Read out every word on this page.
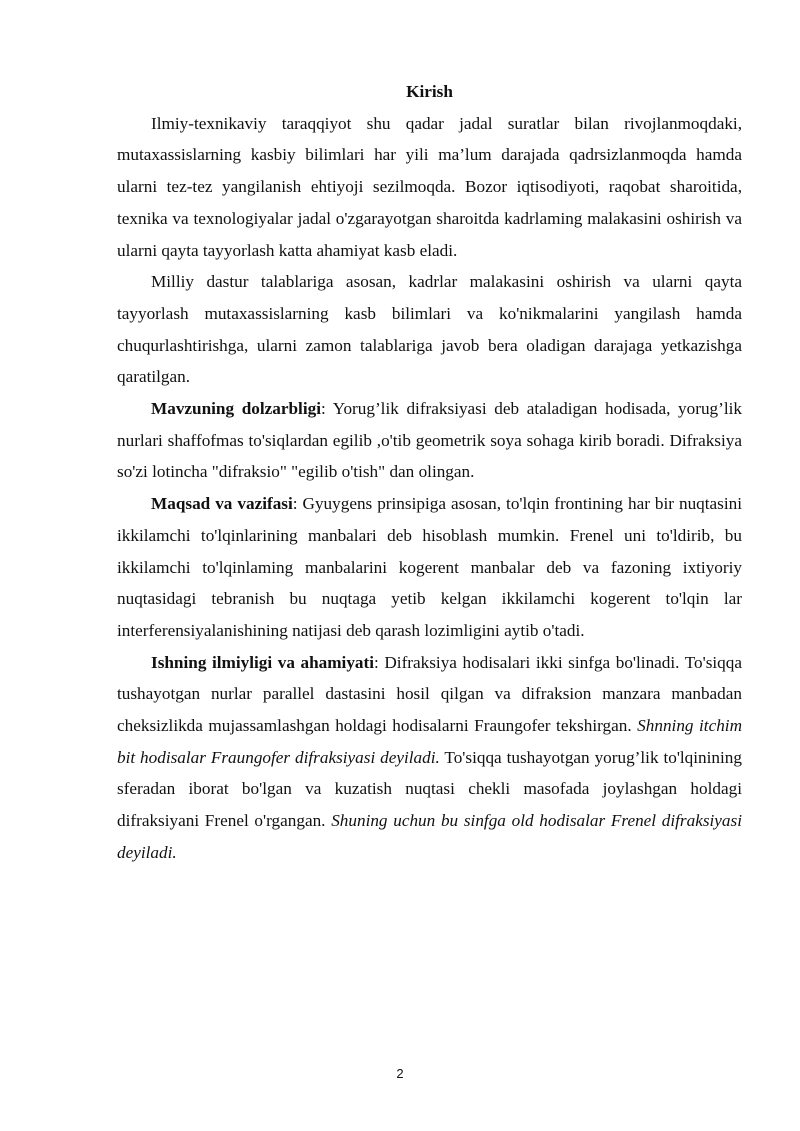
Kirish

Ilmiy-texnikaviy taraqqiyot shu qadar jadal suratlar bilan rivojlanmoqdaki, mutaxassislarning kasbiy bilimlari har yili ma’lum darajada qadrsizlanmoqda hamda ularni tez-tez yangilanish ehtiyoji sezilmoqda. Bozor iqtisodiyoti, raqobat sharoitida, texnika va texnologiyalar jadal o'zgarayotgan sharoitda kadrlaming malakasini oshirish va ularni qayta tayyorlash katta ahamiyat kasb eladi.

Milliy dastur talablariga asosan, kadrlar malakasini oshirish va ularni qayta tayyorlash mutaxassislarning kasb bilimlari va ko'nikmalarini yangilash hamda chuqurlashtirishga, ularni zamon talablariga javob bera oladigan darajaga yetkazishga qaratilgan.

Mavzuning dolzarbligi: Yorug’lik difraksiyasi deb ataladigan hodisada, yorug’lik nurlari shaffofmas to'siqlardan egilib ,o'tib geometrik soya sohaga kirib boradi. Difraksiya so'zi lotincha "difraksio" "egilib o'tish" dan olingan.

Maqsad va vazifasi: Gyuygens prinsipiga asosan, to'lqin frontining har bir nuqtasini ikkilamchi to'lqinlarining manbalari deb hisoblash mumkin. Frenel uni to'ldirib, bu ikkilamchi to'lqinlaming manbalarini kogerent manbalar deb va fazoning ixtiyoriy nuqtasidagi tebranish bu nuqtaga yetib kelgan ikkilamchi kogerent to'lqin lar interferensiyalanishining natijasi deb qarash lozimligini aytib o'tadi.

Ishning ilmiyligi va ahamiyati: Difraksiya hodisalari ikki sinfga bo'linadi. To'siqqa tushayotgan nurlar parallel dastasini hosil qilgan va difraksion manzara manbadan cheksizlikda mujassamlashgan holdagi hodisalarni Fraungofer tekshirgan. Shnning itchim bit hodisalar Fraungofer difraksiyasi deyiladi. To'siqqa tushayotgan yorug’lik to'lqinining sferadan iborat bo'lgan va kuzatish nuqtasi chekli masofada joylashgan holdagi difraksiyani Frenel o'rgangan. Shuning uchun bu sinfga old hodisalar Frenel difraksiyasi deyiladi.

2
